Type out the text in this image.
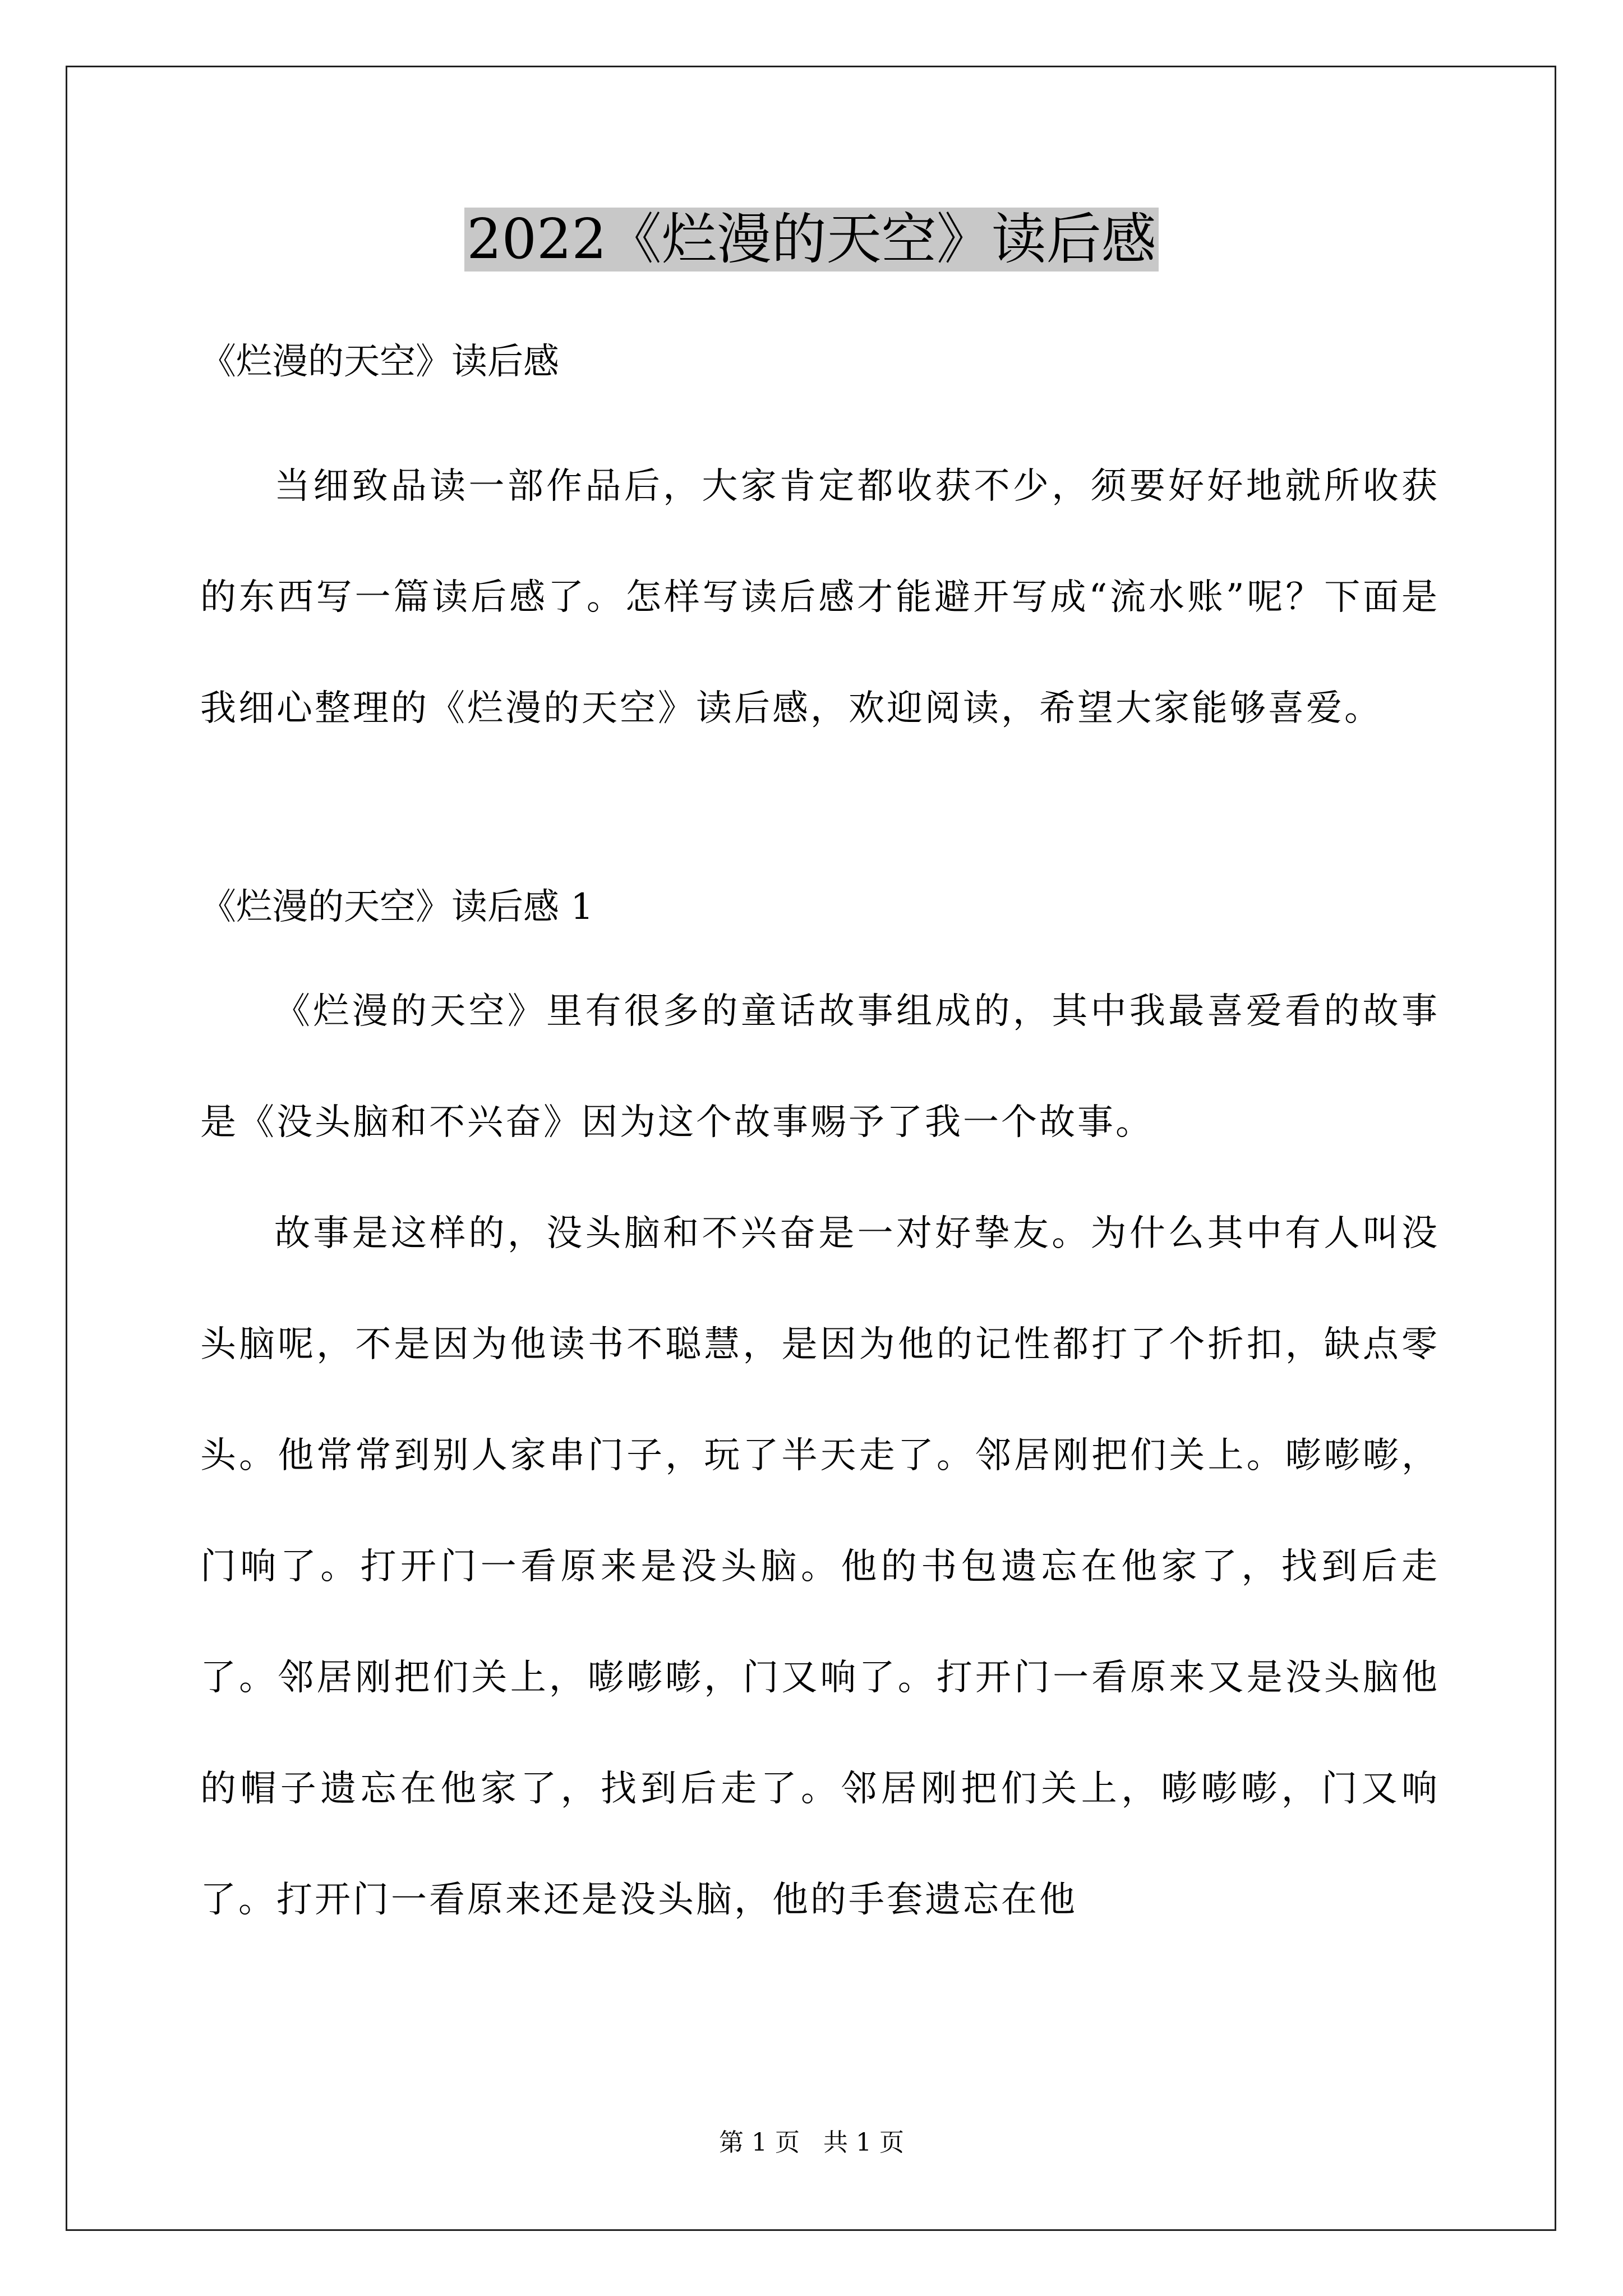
2022《烂漫的天空》读后感

《烂漫的天空》读后感

当细致品读一部作品后，大家肯定都收获不少，须要好好地就所收获的东西写一篇读后感了。怎样写读后感才能避开写成“流水账”呢？下面是我细心整理的《烂漫的天空》读后感，欢迎阅读，希望大家能够喜爱。

《烂漫的天空》读后感 1

《烂漫的天空》里有很多的童话故事组成的，其中我最喜爱看的故事是《没头脑和不兴奋》因为这个故事赐予了我一个故事。

故事是这样的，没头脑和不兴奋是一对好挚友。为什么其中有人叫没头脑呢，不是因为他读书不聪慧，是因为他的记性都打了个折扣，缺点零头。他常常到别人家串门子，玩了半天走了。邻居刚把们关上。嘭嘭嘭，门响了。打开门一看原来是没头脑。他的书包遗忘在他家了，找到后走了。邻居刚把们关上，嘭嘭嘭，门又响了。打开门一看原来又是没头脑他的帽子遗忘在他家了，找到后走了。邻居刚把们关上，嘭嘭嘭，门又响了。打开门一看原来还是没头脑，他的手套遗忘在他

第 1 页   共 1 页
